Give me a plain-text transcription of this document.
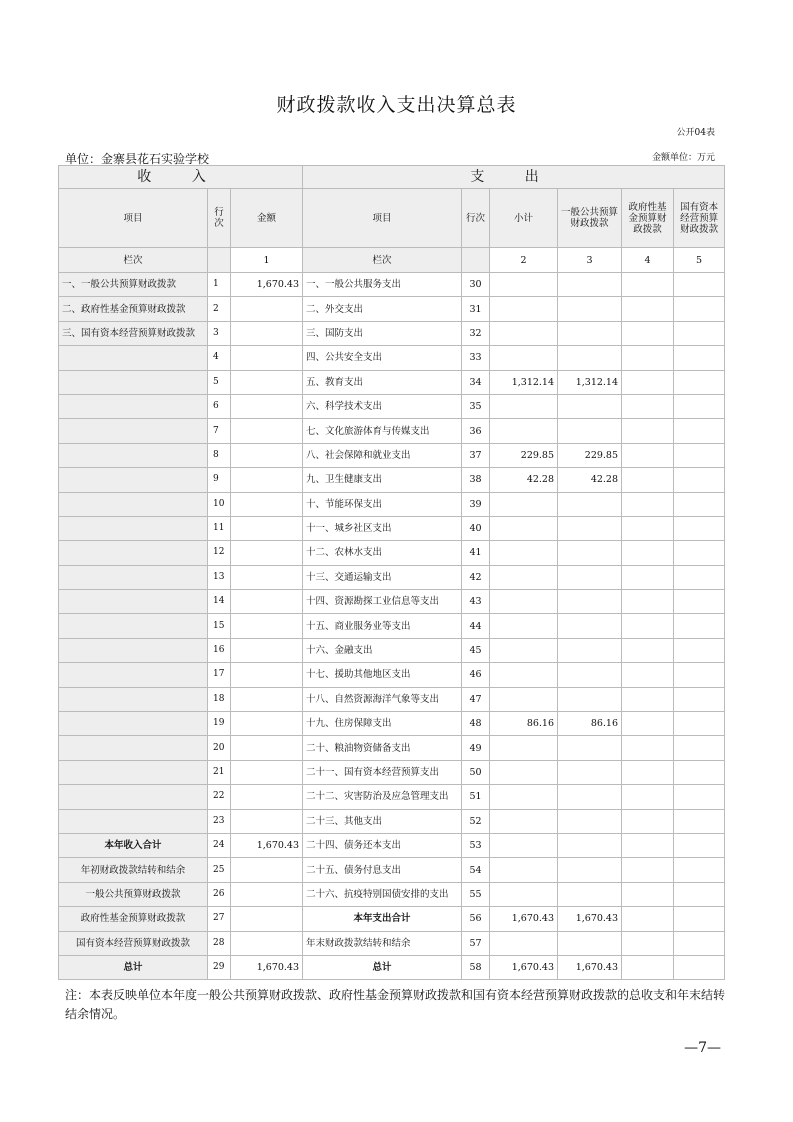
财政拨款收入支出决算总表
公开04表
单位：金寨县花石实验学校	金额单位：万元
收 入			支 出					
项目	行次	金额	项目	行次	小计	一般公共预算财政拨款	政府性基金预算财政拨款	国有资本经营预算财政拨款
栏次		1	栏次		2	3	4	5
一、一般公共预算财政拨款	1	1,670.43	一、一般公共服务支出	30				
二、政府性基金预算财政拨款	2		二、外交支出	31				
三、国有资本经营预算财政拨款	3		三、国防支出	32				
	4		四、公共安全支出	33				
	5		五、教育支出	34	1,312.14	1,312.14		
	6		六、科学技术支出	35				
	7		七、文化旅游体育与传媒支出	36				
	8		八、社会保障和就业支出	37	229.85	229.85		
	9		九、卫生健康支出	38	42.28	42.28		
	10		十、节能环保支出	39				
	11		十一、城乡社区支出	40				
	12		十二、农林水支出	41				
	13		十三、交通运输支出	42				
	14		十四、资源勘探工业信息等支出	43				
	15		十五、商业服务业等支出	44				
	16		十六、金融支出	45				
	17		十七、援助其他地区支出	46				
	18		十八、自然资源海洋气象等支出	47				
	19		十九、住房保障支出	48	86.16	86.16		
	20		二十、粮油物资储备支出	49				
	21		二十一、国有资本经营预算支出	50				
	22		二十二、灾害防治及应急管理支出	51				
	23		二十三、其他支出	52				
本年收入合计	24	1,670.43	二十四、债务还本支出	53				
年初财政拨款结转和结余	25		二十五、债务付息支出	54				
一般公共预算财政拨款	26		二十六、抗疫特别国债安排的支出	55				
政府性基金预算财政拨款	27		本年支出合计	56	1,670.43	1,670.43		
国有资本经营预算财政拨款	28		年末财政拨款结转和结余	57				
总计	29	1,670.43	总计	58	1,670.43	1,670.43		
注：本表反映单位本年度一般公共预算财政拨款、政府性基金预算财政拨款和国有资本经营预算财政拨款的总收支和年末结转结余情况。
—7—
